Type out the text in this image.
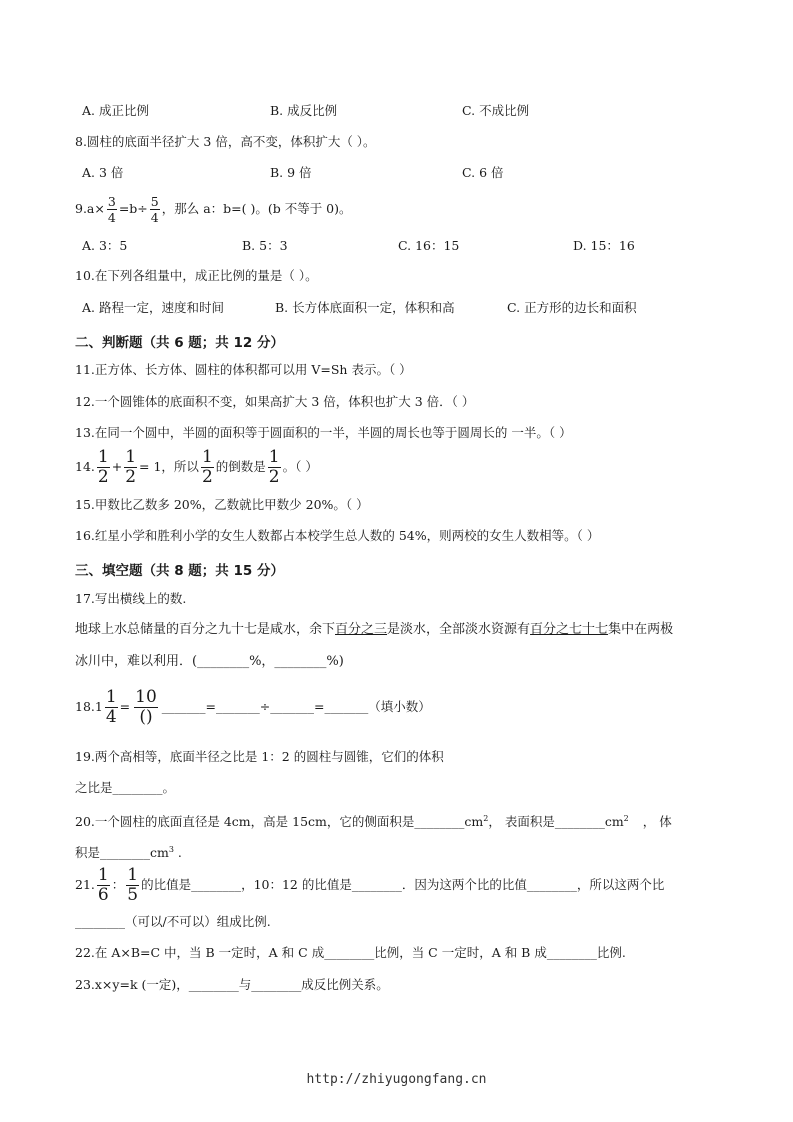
A. 成正比例	B. 成反比例	C. 不成比例
8.圆柱的底面半径扩大 3 倍，高不变，体积扩大（ ）。
A. 3 倍	B. 9 倍	C. 6 倍
$9.a\times \frac{3}{4} =b\div \frac{5}{4}$ ，那么 a：b=( )。(b 不等于 0)。
A. 3：5	B. 5：3	C. 16：15	D. 15：16
10.在下列各组量中，成正比例的量是（ ）。
A. 路程一定，速度和时间	B. 长方体底面积一定，体积和高	C. 正方形的边长和面积
二、判断题（共 6 题；共 12 分）
11.正方体、长方体、圆柱的体积都可以用 V=Sh 表示。（ ）
12.一个圆锥体的底面积不变，如果高扩大 3 倍，体积也扩大 3 倍．（ ）
13.在同一个圆中，半圆的面积等于圆面积的一半，半圆的周长也等于圆周长的 一半。（ ）
14. $\frac{1}{2} + \frac{1}{2} = 1$，所以 $\frac{1}{2}$ 的倒数是 $\frac{1}{2}$ 。（ ）
15.甲数比乙数多 20%，乙数就比甲数少 20%。（ ）
16.红星小学和胜利小学的女生人数都占本校学生总人数的 54%，则两校的女生人数相等。（ ）
三、填空题（共 8 题；共 15 分）
17.写出横线上的数.
地球上水总储量的百分之九十七是咸水，余下百分之三是淡水，全部淡水资源有百分之七十七集中在两极
冰川中，难以利用．(________%，________%)
$18.1 \frac{1}{4} = \frac{10}{()}$ _______=_______÷_______=_______（填小数）
19.两个高相等，底面半径之比是 1：2 的圆柱与圆锥，它们的体积
之比是________。
20.一个圆柱的底面直径是 4cm，高是 15cm，它的侧面积是$\_\_\_\_\_\_\_\_cm^2$， 表面积是$\_\_\_\_\_\_\_\_cm^2$ ， 体
积是$\_\_\_\_\_\_\_\_cm^3$ .
21. $\frac{1}{6}$ ： $\frac{1}{5}$ 的比值是________，10：12 的比值是________．因为这两个比的比值________，所以这两个比
________（可以/不可以）组成比例.
22.在 A×B=C 中，当 B 一定时，A 和 C 成________比例，当 C 一定时，A 和 B 成________比例.
23.x×y=k (一定)，________与________成反比例关系。
http://zhiyugongfang.cn
